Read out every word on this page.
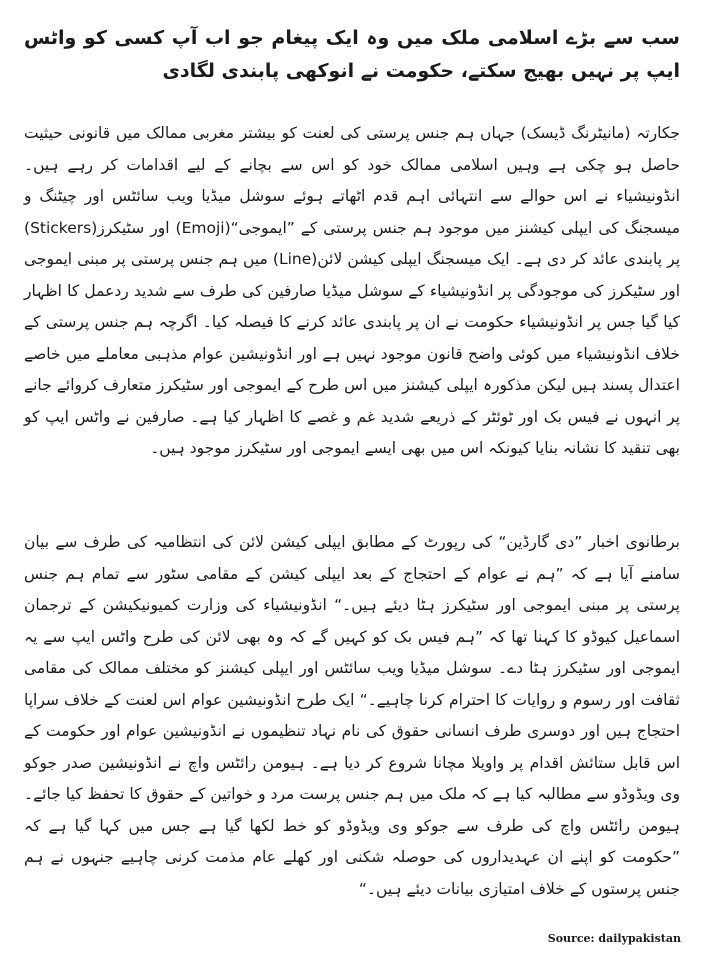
سب سے بڑے اسلامی ملک میں وہ ایک پیغام جو اب آپ کسی کو واٹس ایپ پر نہیں بھیج سکتے، حکومت نے انوکھی پابندی لگادی

جکارتہ (مانیٹرنگ ڈیسک) جہاں ہم جنس پرستی کی لعنت کو بیشتر مغربی ممالک میں قانونی حیثیت حاصل ہو چکی ہے وہیں اسلامی ممالک خود کو اس سے بچانے کے لیے اقدامات کر رہے ہیں۔ انڈونیشیاء نے اس حوالے سے انتہائی اہم قدم اٹھاتے ہوئے سوشل میڈیا ویب سائٹس اور چیٹنگ و میسجنگ کی ایپلی کیشنز میں موجود ہم جنس پرستی کے ”ایموجی“(Emoji) اور سٹیکرز(Stickers) پر پابندی عائد کر دی ہے۔ ایک میسجنگ ایپلی کیشن لائن(Line) میں ہم جنس پرستی پر مبنی ایموجی اور سٹیکرز کی موجودگی پر انڈونیشیاء کے سوشل میڈیا صارفین کی طرف سے شدید ردعمل کا اظہار کیا گیا جس پر انڈونیشیاء حکومت نے ان پر پابندی عائد کرنے کا فیصلہ کیا۔ اگرچہ ہم جنس پرستی کے خلاف انڈونیشیاء میں کوئی واضح قانون موجود نہیں ہے اور انڈونیشین عوام مذہبی معاملے میں خاصے اعتدال پسند ہیں لیکن مذکورہ ایپلی کیشنز میں اس طرح کے ایموجی اور سٹیکرز متعارف کروائے جانے پر انہوں نے فیس بک اور ٹوئٹر کے ذریعے شدید غم و غصے کا اظہار کیا ہے۔ صارفین نے واٹس ایپ کو بھی تنقید کا نشانہ بنایا کیونکہ اس میں بھی ایسے ایموجی اور سٹیکرز موجود ہیں۔

برطانوی اخبار ”دی گارڈین“ کی رپورٹ کے مطابق ایپلی کیشن لائن کی انتظامیہ کی طرف سے بیان سامنے آیا ہے کہ ”ہم نے عوام کے احتجاج کے بعد ایپلی کیشن کے مقامی سٹور سے تمام ہم جنس پرستی پر مبنی ایموجی اور سٹیکرز ہٹا دیئے ہیں۔“ انڈونیشیاء کی وزارت کمیونیکیشن کے ترجمان اسماعیل کیوڈو کا کہنا تھا کہ ”ہم فیس بک کو کہیں گے کہ وہ بھی لائن کی طرح واٹس ایپ سے یہ ایموجی اور سٹیکرز ہٹا دے۔ سوشل میڈیا ویب سائٹس اور ایپلی کیشنز کو مختلف ممالک کی مقامی ثقافت اور رسوم و روایات کا احترام کرنا چاہیے۔“ ایک طرح انڈونیشین عوام اس لعنت کے خلاف سراپا احتجاج ہیں اور دوسری طرف انسانی حقوق کی نام نہاد تنظیموں نے انڈونیشین عوام اور حکومت کے اس قابل ستائش اقدام پر واویلا مچانا شروع کر دیا ہے۔ ہیومن رائٹس واچ نے انڈونیشین صدر جوکو وی ویڈوڈو سے مطالبہ کیا ہے کہ ملک میں ہم جنس پرست مرد و خواتین کے حقوق کا تحفظ کیا جائے۔ ہیومن رائٹس واچ کی طرف سے جوکو وی ویڈوڈو کو خط لکھا گیا ہے جس میں کہا گیا ہے کہ ”حکومت کو اپنے ان عہدیداروں کی حوصلہ شکنی اور کھلے عام مذمت کرنی چاہیے جنہوں نے ہم جنس پرستوں کے خلاف امتیازی بیانات دیئے ہیں۔“

Source: dailypakistan
